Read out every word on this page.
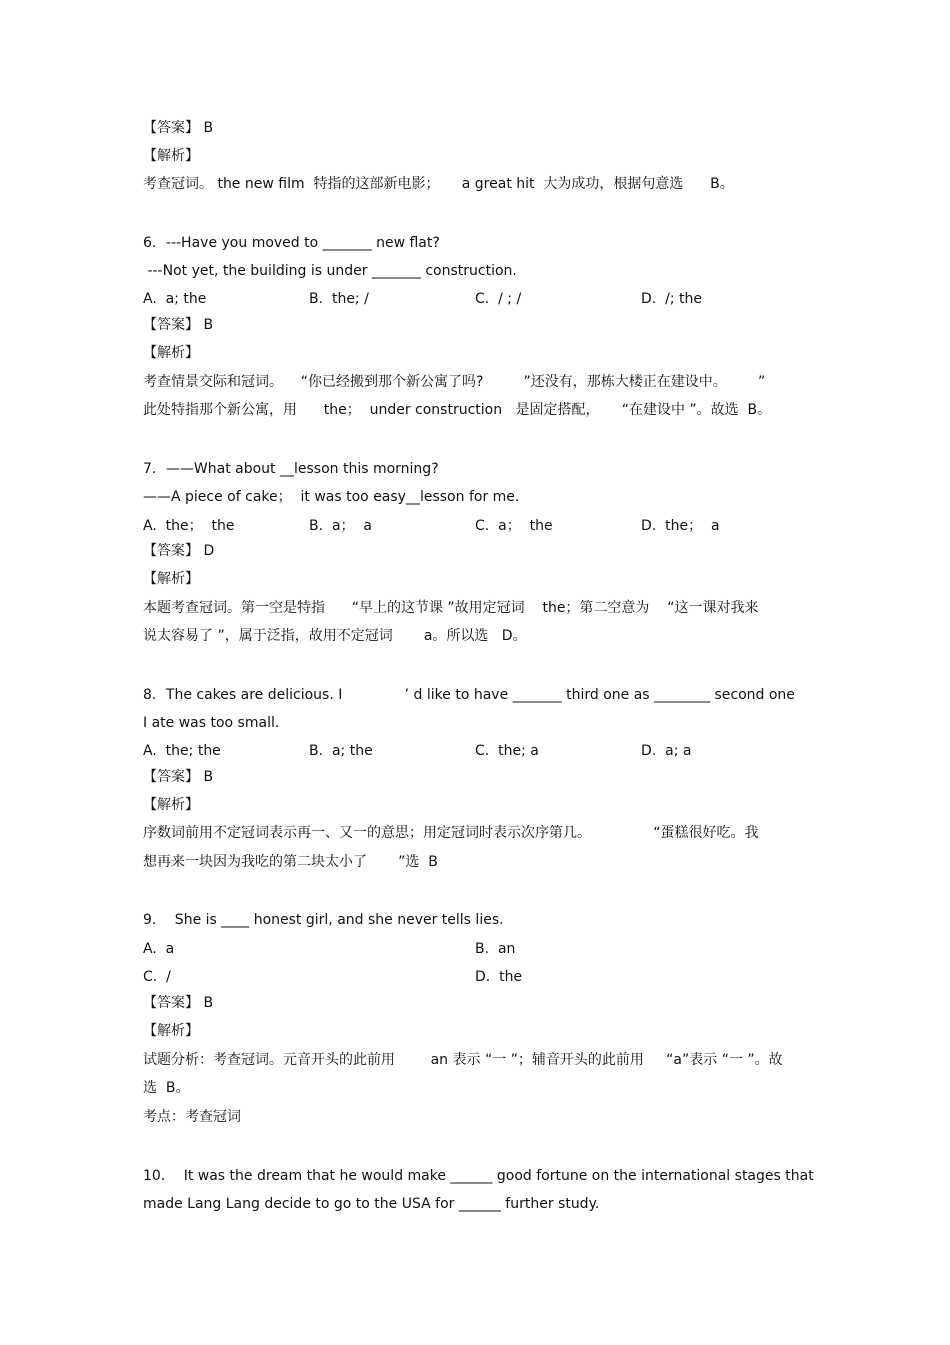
【答案】 B
【解析】
考查冠词。 the new film  特指的这部新电影；     a great hit  大为成功，根据句意选      B。
6．---Have you moved to _______ new flat?
---Not yet, the building is under _______ construction.
A.  a; the	B.  the; /	C.  / ; /	D.  /; the
【答案】 B
【解析】
考查情景交际和冠词。    “你已经搬到那个新公寓了吗?         ”还没有，那栋大楼正在建设中。       ”
此处特指那个新公寓，用      the；  under construction   是固定搭配，     “在建设中 ”。故选  B。
7．——What about __lesson this morning?
——A piece of cake；  it was too easy__lesson for me.
A.  the；  the	B.  a；  a	C.  a；  the	D.  the；  a
【答案】 D
【解析】
本题考查冠词。第一空是特指      “早上的这节课 ”故用定冠词    the；第二空意为    “这一课对我来
说太容易了 ”，属于泛指，故用不定冠词       a。所以选   D。
8．The cakes are delicious. I              ’ d like to have _______ third one as ________ second one
I ate was too small.
A.  the; the	B.  a; the	C.  the; a	D.  a; a
【答案】 B
【解析】
序数词前用不定冠词表示再一、又一的意思；用定冠词时表示次序第几。              “蛋糕很好吃。我
想再来一块因为我吃的第二块太小了       ”选  B
9．  She is ____ honest girl, and she never tells lies.
A.  a	B.  an
C.  /	D.  the
【答案】 B
【解析】
试题分析：考查冠词。元音开头的此前用        an 表示 “一 ”；辅音开头的此前用     “a”表示 “一 ”。故
选  B。
考点：考查冠词
10．  It was the dream that he would make ______ good fortune on the international stages that
made Lang Lang decide to go to the USA for ______ further study.
